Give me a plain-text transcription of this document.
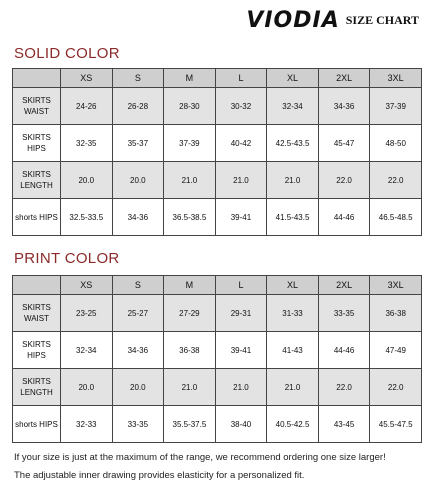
VIODIA SIZE CHART
SOLID COLOR
	XS	S	M	L	XL	2XL	3XL
SKIRTS WAIST	24-26	26-28	28-30	30-32	32-34	34-36	37-39
SKIRTS HIPS	32-35	35-37	37-39	40-42	42.5-43.5	45-47	48-50
SKIRTS LENGTH	20.0	20.0	21.0	21.0	21.0	22.0	22.0
shorts HIPS	32.5-33.5	34-36	36.5-38.5	39-41	41.5-43.5	44-46	46.5-48.5
PRINT COLOR
	XS	S	M	L	XL	2XL	3XL
SKIRTS WAIST	23-25	25-27	27-29	29-31	31-33	33-35	36-38
SKIRTS HIPS	32-34	34-36	36-38	39-41	41-43	44-46	47-49
SKIRTS LENGTH	20.0	20.0	21.0	21.0	21.0	22.0	22.0
shorts HIPS	32-33	33-35	35.5-37.5	38-40	40.5-42.5	43-45	45.5-47.5
If your size is just at the maximum of the range, we recommend ordering one size larger!
The adjustable inner drawing provides elasticity for a personalized fit.
